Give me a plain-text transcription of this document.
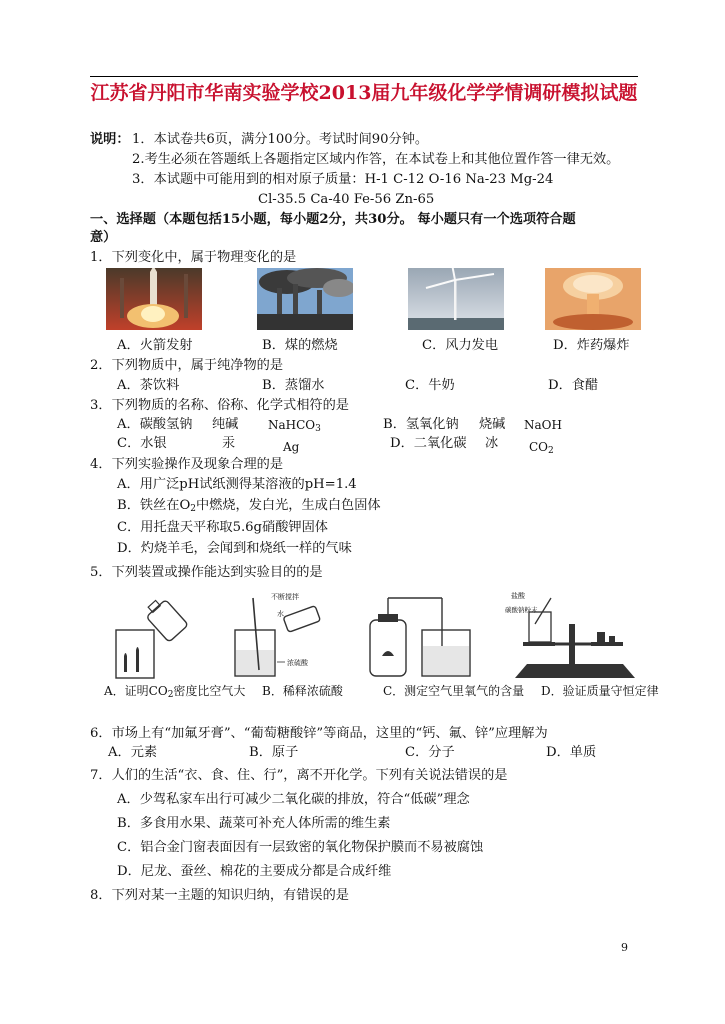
江苏省丹阳市华南实验学校2013届九年级化学学情调研模拟试题
说明： 1．本试卷共6页，满分100分。考试时间90分钟。
2.考生必须在答题纸上各题指定区域内作答，在本试卷上和其他位置作答一律无效。
3．本试题中可能用到的相对原子质量：H-1 C-12 O-16 Na-23 Mg-24
Cl-35.5 Ca-40 Fe-56 Zn-65
一、选择题（本题包括15小题，每小题2分，共30分。 每小题只有一个选项符合题
意）
1．下列变化中，属于物理变化的是
A．火箭发射	B．煤的燃烧	C．风力发电	D．炸药爆炸
2．下列物质中，属于纯净物的是
A．茶饮料	B．蒸馏水	C．牛奶	D．食醋
3．下列物质的名称、俗称、化学式相符的是
A．碳酸氢钠 纯碱 NaHCO$_3$	B．氢氧化钠 烧碱 NaOH
C．水银	汞	Ag	D．二氧化碳 冰	$CO_2$
4．下列实验操作及现象合理的是
A．用广泛pH试纸测得某溶液的pH=1.4
B．铁丝在$O_2$中燃烧，发白光，生成白色固体
C．用托盘天平称取5.6g硝酸钾固体
D．灼烧羊毛，会闻到和烧纸一样的气味
5．下列装置或操作能达到实验目的的是
不断搅拌
水
浓硫酸
盐酸
碳酸钠粉末
A．证明$CO_2$密度比空气大 B．稀释浓硫酸	C．测定空气里氧气的含量 D．验证质量守恒定律
6．市场上有“加氟牙膏”、“葡萄糖酸锌”等商品，这里的“钙、氟、锌”应理解为
A．元素	B．原子	C．分子	D．单质
7．人们的生活“衣、食、住、行”，离不开化学。下列有关说法错误的是
A．少驾私家车出行可减少二氧化碳的排放，符合“低碳”理念
B．多食用水果、蔬菜可补充人体所需的维生素
C．铝合金门窗表面因有一层致密的氧化物保护膜而不易被腐蚀
D．尼龙、蚕丝、棉花的主要成分都是合成纤维
8．下列对某一主题的知识归纳，有错误的是
9
